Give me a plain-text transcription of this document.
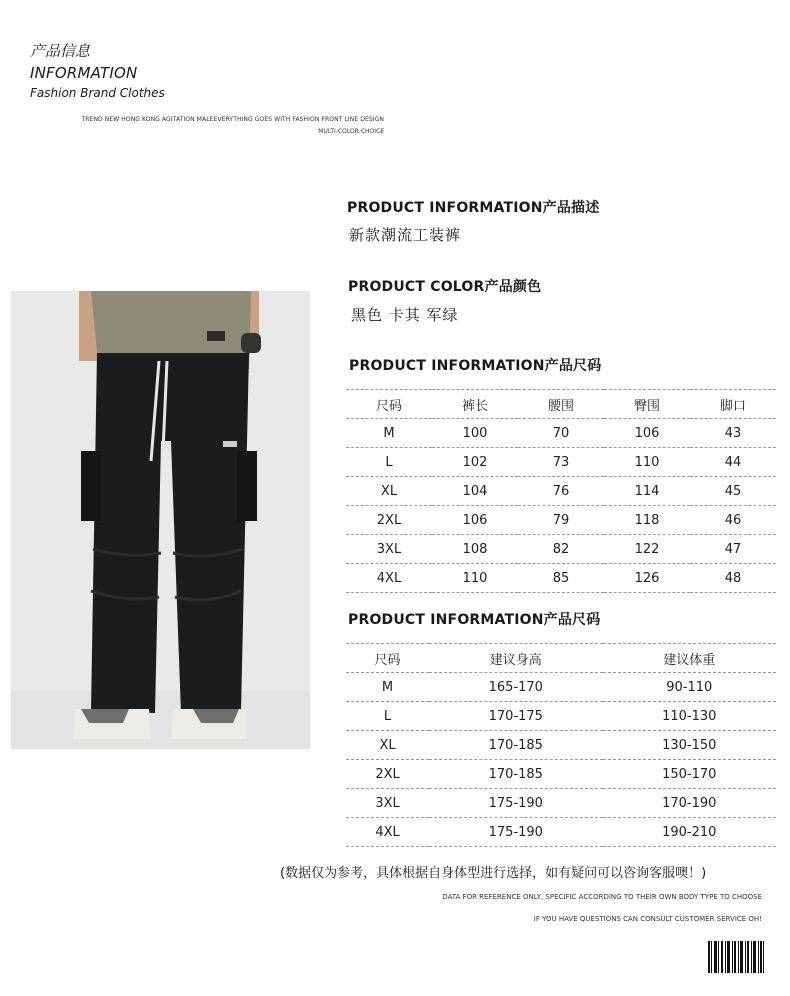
产品信息
INFORMATION
Fashion Brand Clothes
TREND NEW HONG KONG AGITATION MALEEVERYTHING GOES WITH FASHION FRONT LINE DESIGN
MULTI-COLOR CHOICE
PRODUCT INFORMATION产品描述
新款潮流工装裤
PRODUCT COLOR产品颜色
黑色 卡其 军绿
PRODUCT INFORMATION产品尺码
尺码	裤长	腰围	臀围	脚口
M	100	70	106	43
L	102	73	110	44
XL	104	76	114	45
2XL	106	79	118	46
3XL	108	82	122	47
4XL	110	85	126	48
PRODUCT INFORMATION产品尺码
尺码	建议身高	建议体重
M	165-170	90-110
L	170-175	110-130
XL	170-185	130-150
2XL	170-185	150-170
3XL	175-190	170-190
4XL	175-190	190-210
(数据仅为参考，具体根据自身体型进行选择，如有疑问可以咨询客服噢！)
DATA FOR REFERENCE ONLY, SPECIFIC ACCORDING TO THEIR OWN BODY TYPE TO CHOOSE
IF YOU HAVE QUESTIONS CAN CONSULT CUSTOMER SERVICE OH!
